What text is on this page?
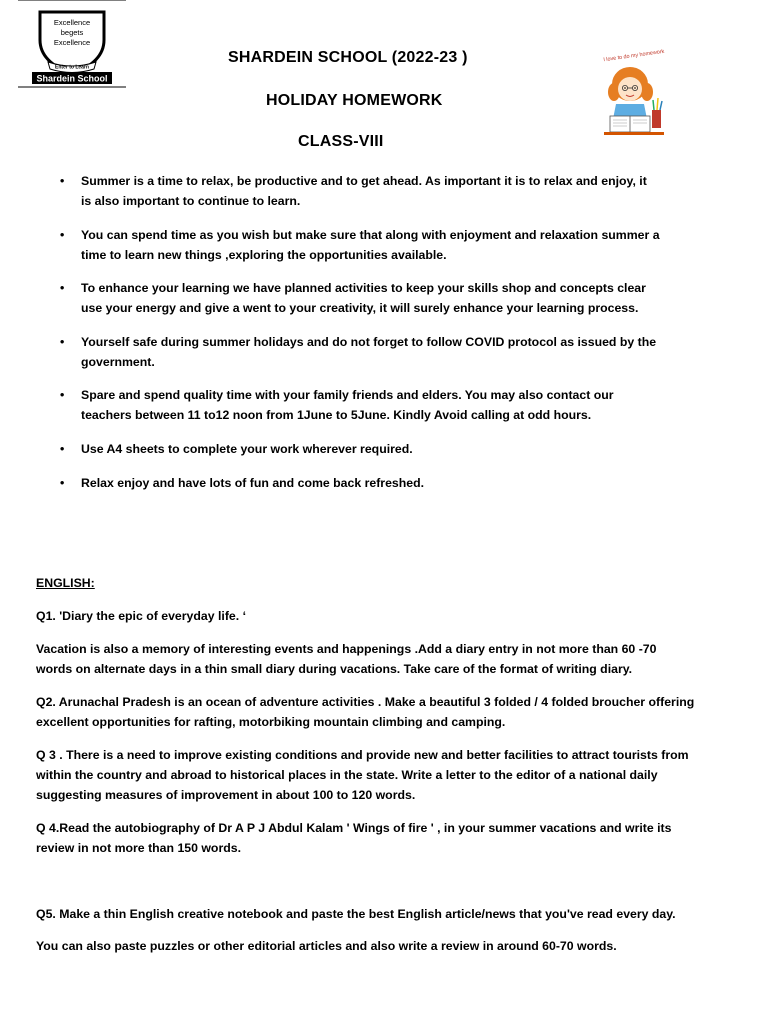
Excellence
begets
Excellence
Enter to Learn
Shardein School
I love to do my homework
SHARDEIN SCHOOL (2022-23 )
HOLIDAY HOMEWORK
CLASS-VIII
• Summer is a time to relax, be productive and to get ahead. As important it is to relax and enjoy, it is also important to continue to learn.
• You can spend time as you wish but make sure that along with enjoyment and relaxation summer a time to learn new things ,exploring the opportunities available.
• To enhance your learning we have planned activities to keep your skills shop and concepts clear use your energy and give a went to your creativity, it will surely enhance your learning process.
• Yourself safe during summer holidays and do not forget to follow COVID protocol as issued by the government.
• Spare and spend quality time with your family friends and elders. You may also contact our teachers between 11 to12 noon from 1June to 5June. Kindly Avoid calling at odd hours.
• Use A4 sheets to complete your work wherever required.
• Relax enjoy and have lots of fun and come back refreshed.
ENGLISH:
Q1. 'Diary the epic of everyday life. ‘
Vacation is also a memory of interesting events and happenings .Add a diary entry in not more than 60 -70 words on alternate days in a thin small diary during vacations. Take care of the format of writing diary.
Q2. Arunachal Pradesh is an ocean of adventure activities . Make a beautiful 3 folded / 4 folded broucher offering excellent opportunities for rafting, motorbiking mountain climbing and camping.
Q 3 . There is a need to improve existing conditions and provide new and better facilities to attract tourists from within the country and abroad to historical places in the state. Write a letter to the editor of a national daily suggesting measures of improvement in about 100 to 120 words.
Q 4.Read the autobiography of Dr A P J Abdul Kalam ' Wings of fire ' , in your summer vacations and write its review in not more than 150 words.
Q5. Make a thin English creative notebook and paste the best English article/news that you've read every day.
You can also paste puzzles or other editorial articles and also write a review in around 60-70 words.
